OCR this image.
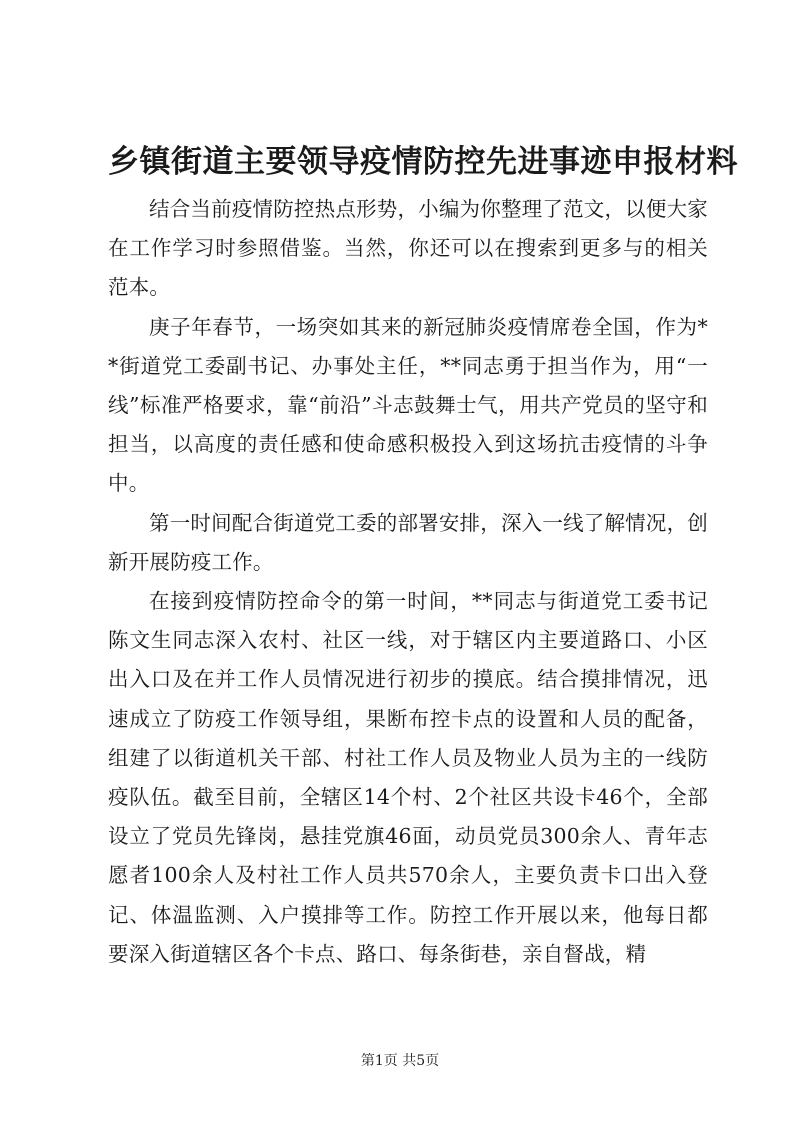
乡镇街道主要领导疫情防控先进事迹申报材料

结合当前疫情防控热点形势，小编为你整理了范文，以便大家在工作学习时参照借鉴。当然，你还可以在搜索到更多与的相关范本。

庚子年春节，一场突如其来的新冠肺炎疫情席卷全国，作为**街道党工委副书记、办事处主任，**同志勇于担当作为，用“一线”标准严格要求，靠“前沿”斗志鼓舞士气，用共产党员的坚守和担当，以高度的责任感和使命感积极投入到这场抗击疫情的斗争中。

第一时间配合街道党工委的部署安排，深入一线了解情况，创新开展防疫工作。

在接到疫情防控命令的第一时间，**同志与街道党工委书记陈文生同志深入农村、社区一线，对于辖区内主要道路口、小区出入口及在并工作人员情况进行初步的摸底。结合摸排情况，迅速成立了防疫工作领导组，果断布控卡点的设置和人员的配备，组建了以街道机关干部、村社工作人员及物业人员为主的一线防疫队伍。截至目前，全辖区14个村、2个社区共设卡46个，全部设立了党员先锋岗，悬挂党旗46面，动员党员300余人、青年志愿者100余人及村社工作人员共570余人，主要负责卡口出入登记、体温监测、入户摸排等工作。防控工作开展以来，他每日都要深入街道辖区各个卡点、路口、每条街巷，亲自督战，精

第1页 共5页
